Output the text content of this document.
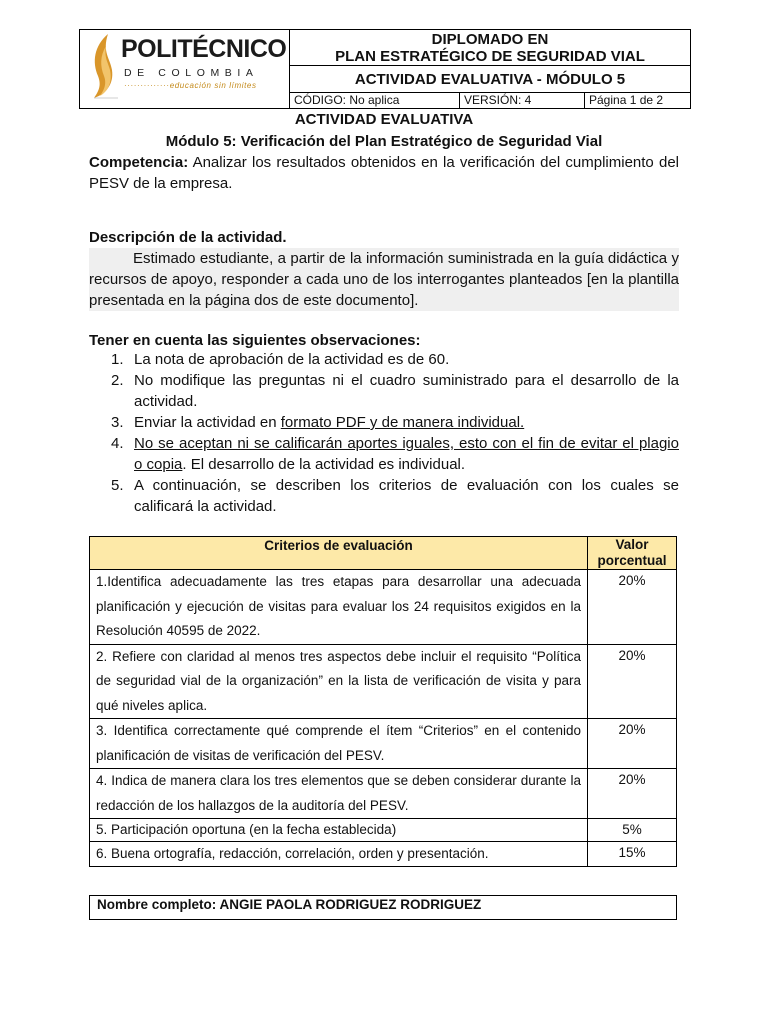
POLITÉCNICO
DE COLOMBIA
··············educación sin límites
DIPLOMADO EN
PLAN ESTRATÉGICO DE SEGURIDAD VIAL
ACTIVIDAD EVALUATIVA - MÓDULO 5
CÓDIGO: No aplica	VERSIÓN: 4	Página 1 de 2
ACTIVIDAD EVALUATIVA
Módulo 5: Verificación del Plan Estratégico de Seguridad Vial
Competencia: Analizar los resultados obtenidos en la verificación del cumplimiento del PESV de la empresa.
Descripción de la actividad.
Estimado estudiante, a partir de la información suministrada en la guía didáctica y recursos de apoyo, responder a cada uno de los interrogantes planteados [en la plantilla presentada en la página dos de este documento].
Tener en cuenta las siguientes observaciones:
1. La nota de aprobación de la actividad es de 60.
2. No modifique las preguntas ni el cuadro suministrado para el desarrollo de la actividad.
3. Enviar la actividad en formato PDF y de manera individual.
4. No se aceptan ni se calificarán aportes iguales, esto con el fin de evitar el plagio o copia. El desarrollo de la actividad es individual.
5. A continuación, se describen los criterios de evaluación con los cuales se calificará la actividad.
Criterios de evaluación	Valor porcentual
1.Identifica adecuadamente las tres etapas para desarrollar una adecuada planificación y ejecución de visitas para evaluar los 24 requisitos exigidos en la Resolución 40595 de 2022.	20%
2. Refiere con claridad al menos tres aspectos debe incluir el requisito “Política de seguridad vial de la organización” en la lista de verificación de visita y para qué niveles aplica.	20%
3. Identifica correctamente qué comprende el ítem “Criterios” en el contenido planificación de visitas de verificación del PESV.	20%
4. Indica de manera clara los tres elementos que se deben considerar durante la redacción de los hallazgos de la auditoría del PESV.	20%
5. Participación oportuna (en la fecha establecida)	5%
6. Buena ortografía, redacción, correlación, orden y presentación.	15%
Nombre completo: ANGIE PAOLA RODRIGUEZ RODRIGUEZ
